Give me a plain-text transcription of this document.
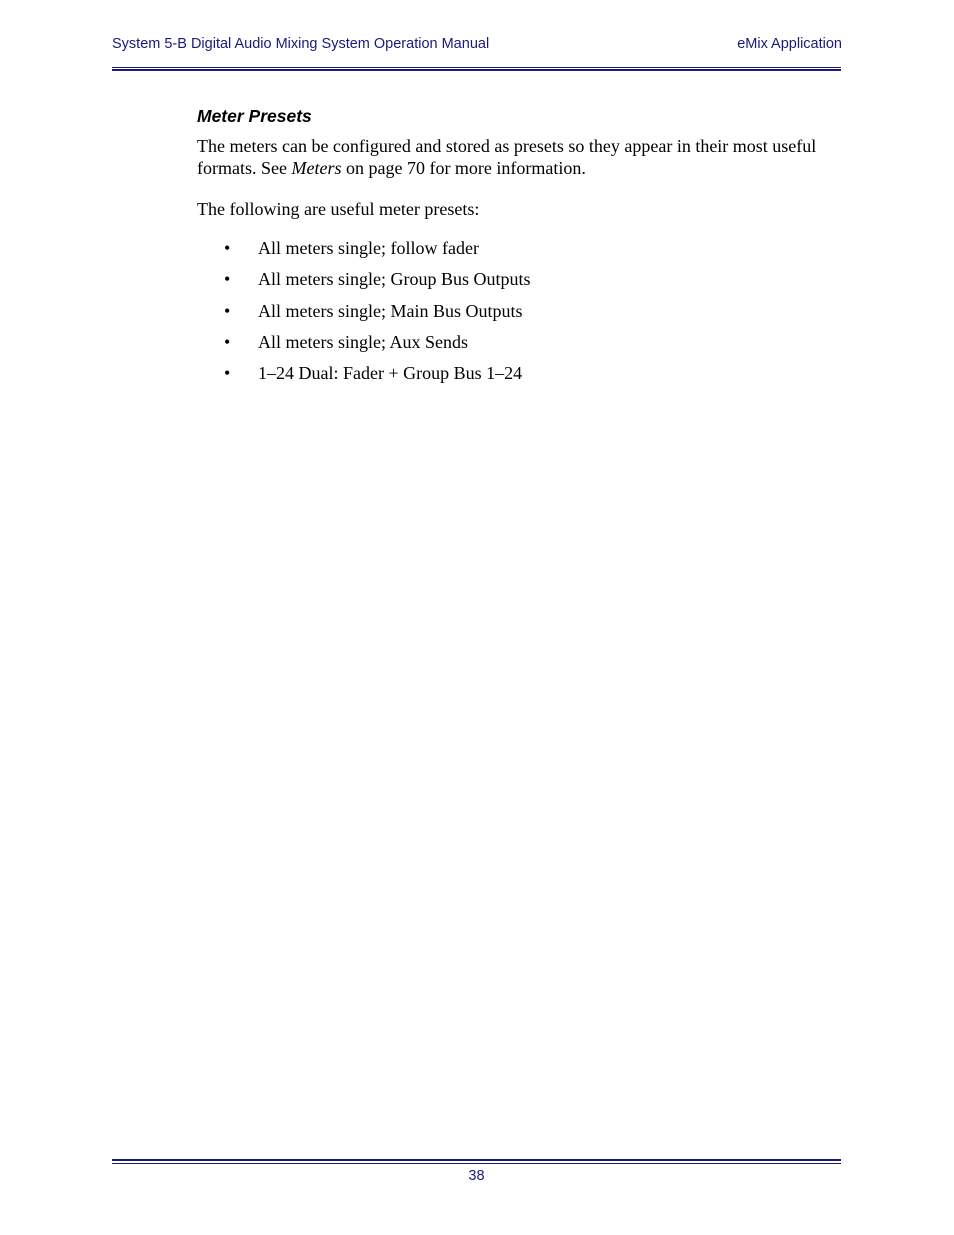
System 5-B Digital Audio Mixing System Operation Manual	eMix Application
Meter Presets

The meters can be configured and stored as presets so they appear in their most useful formats. See Meters on page 70 for more information.

The following are useful meter presets:

• All meters single; follow fader
• All meters single; Group Bus Outputs
• All meters single; Main Bus Outputs
• All meters single; Aux Sends
• 1–24 Dual: Fader + Group Bus 1–24
38
